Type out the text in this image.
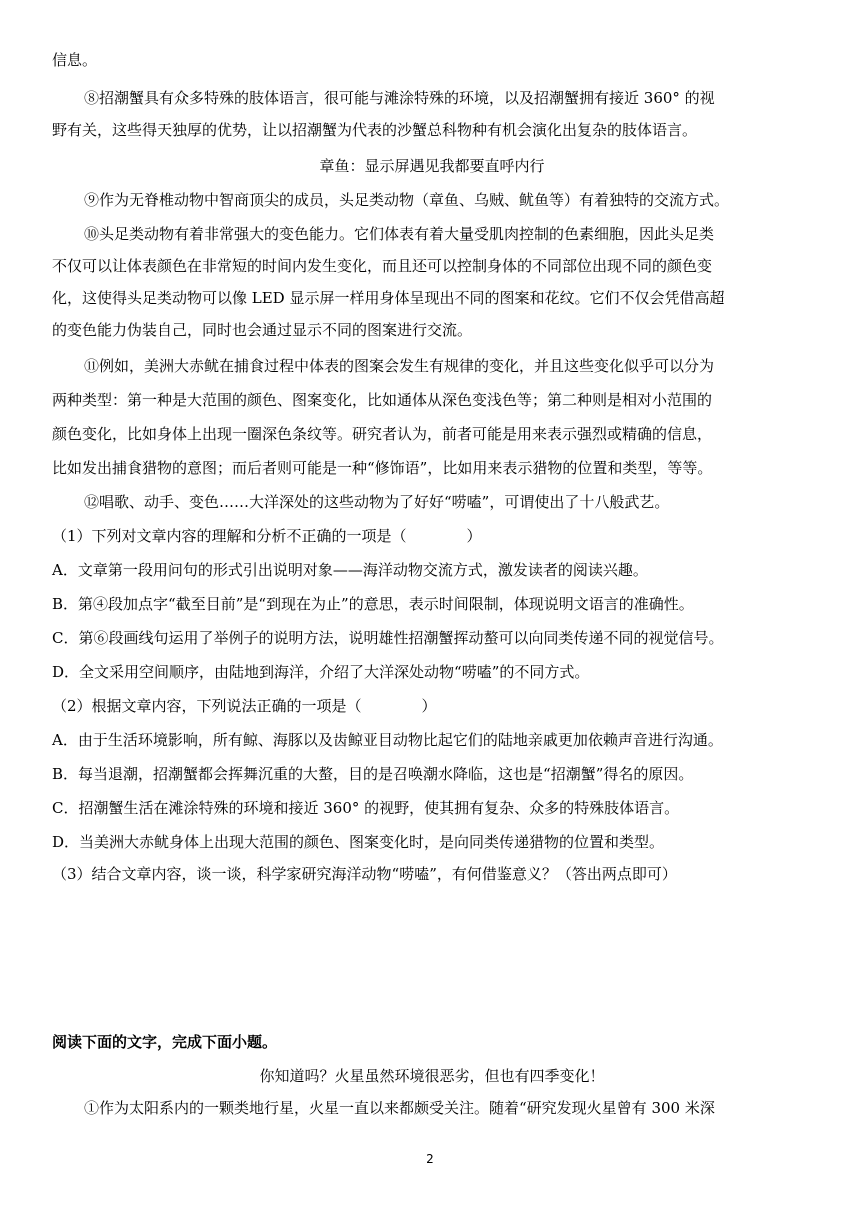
信息。
⑧招潮蟹具有众多特殊的肢体语言，很可能与滩涂特殊的环境，以及招潮蟹拥有接近 360° 的视
野有关，这些得天独厚的优势，让以招潮蟹为代表的沙蟹总科物种有机会演化出复杂的肢体语言。
章鱼：显示屏遇见我都要直呼内行
⑨作为无脊椎动物中智商顶尖的成员，头足类动物（章鱼、乌贼、鱿鱼等）有着独特的交流方式。
⑩头足类动物有着非常强大的变色能力。它们体表有着大量受肌肉控制的色素细胞，因此头足类
不仅可以让体表颜色在非常短的时间内发生变化，而且还可以控制身体的不同部位出现不同的颜色变
化，这使得头足类动物可以像 LED 显示屏一样用身体呈现出不同的图案和花纹。它们不仅会凭借高超
的变色能力伪装自己，同时也会通过显示不同的图案进行交流。
⑪例如，美洲大赤鱿在捕食过程中体表的图案会发生有规律的变化，并且这些变化似乎可以分为
两种类型：第一种是大范围的颜色、图案变化，比如通体从深色变浅色等；第二种则是相对小范围的
颜色变化，比如身体上出现一圈深色条纹等。研究者认为，前者可能是用来表示强烈或精确的信息，
比如发出捕食猎物的意图；而后者则可能是一种“修饰语”，比如用来表示猎物的位置和类型，等等。
⑫唱歌、动手、变色……大洋深处的这些动物为了好好“唠嗑”，可谓使出了十八般武艺。
（1）下列对文章内容的理解和分析不正确的一项是（　　　　）
A．文章第一段用问句的形式引出说明对象——海洋动物交流方式，激发读者的阅读兴趣。
B．第④段加点字“截至目前”是“到现在为止”的意思，表示时间限制，体现说明文语言的准确性。
C．第⑥段画线句运用了举例子的说明方法，说明雄性招潮蟹挥动螯可以向同类传递不同的视觉信号。
D．全文采用空间顺序，由陆地到海洋，介绍了大洋深处动物“唠嗑”的不同方式。
（2）根据文章内容，下列说法正确的一项是（　　　　）
A．由于生活环境影响，所有鲸、海豚以及齿鲸亚目动物比起它们的陆地亲戚更加依赖声音进行沟通。
B．每当退潮，招潮蟹都会挥舞沉重的大螯，目的是召唤潮水降临，这也是“招潮蟹”得名的原因。
C．招潮蟹生活在滩涂特殊的环境和接近 360° 的视野，使其拥有复杂、众多的特殊肢体语言。
D．当美洲大赤鱿身体上出现大范围的颜色、图案变化时，是向同类传递猎物的位置和类型。
（3）结合文章内容，谈一谈，科学家研究海洋动物“唠嗑”，有何借鉴意义？（答出两点即可）
阅读下面的文字，完成下面小题。
你知道吗？火星虽然环境很恶劣，但也有四季变化！
①作为太阳系内的一颗类地行星，火星一直以来都颇受关注。随着“研究发现火星曾有 300 米深
2
